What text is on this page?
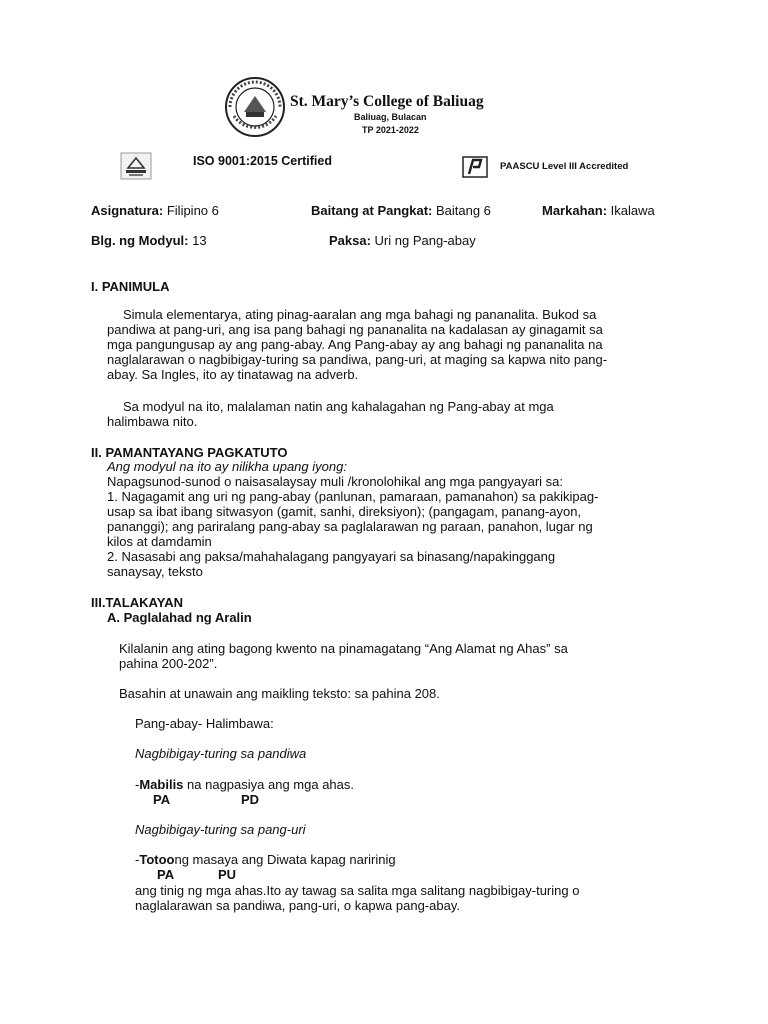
St. Mary’s College of Baliuag
Baliuag, Bulacan
TP 2021-2022
ISO 9001:2015 Certified	PAASCU Level III Accredited
Asignatura: Filipino 6	Baitang at Pangkat: Baitang 6	Markahan: Ikalawa
Blg. ng Modyul: 13	Paksa: Uri ng Pang-abay
I. PANIMULA
Simula elementarya, ating pinag-aaralan ang mga bahagi ng pananalita. Bukod sa
pandiwa at pang-uri, ang isa pang bahagi ng pananalita na kadalasan ay ginagamit sa
mga pangungusap ay ang pang-abay. Ang Pang-abay ay ang bahagi ng pananalita na
naglalarawan o nagbibigay-turing sa pandiwa, pang-uri, at maging sa kapwa nito pang-
abay. Sa Ingles, ito ay tinatawag na adverb.
Sa modyul na ito, malalaman natin ang kahalagahan ng Pang-abay at mga
halimbawa nito.
II. PAMANTAYANG PAGKATUTO
Ang modyul na ito ay nilikha upang iyong:
Napagsunod-sunod o naisasalaysay muli /kronolohikal ang mga pangyayari sa:
1. Nagagamit ang uri ng pang-abay (panlunan, pamaraan, pamanahon) sa pakikipag-
usap sa ibat ibang sitwasyon (gamit, sanhi, direksiyon); (pangagam, panang-ayon,
pananggi); ang pariralang pang-abay sa paglalarawan ng paraan, panahon, lugar ng
kilos at damdamin
2. Nasasabi ang paksa/mahahalagang pangyayari sa binasang/napakinggang
sanaysay, teksto
III.TALAKAYAN
A. Paglalahad ng Aralin
Kilalanin ang ating bagong kwento na pinamagatang “Ang Alamat ng Ahas” sa
pahina 200-202”.
Basahin at unawain ang maikling teksto: sa pahina 208.
Pang-abay- Halimbawa:
Nagbibigay-turing sa pandiwa
-Mabilis na nagpasiya ang mga ahas.
PA	PD
Nagbibigay-turing sa pang-uri
-Totoong masaya ang Diwata kapag naririnig
PA	PU
ang tinig ng mga ahas.Ito ay tawag sa salita mga salitang nagbibigay-turing o
naglalarawan sa pandiwa, pang-uri, o kapwa pang-abay.
